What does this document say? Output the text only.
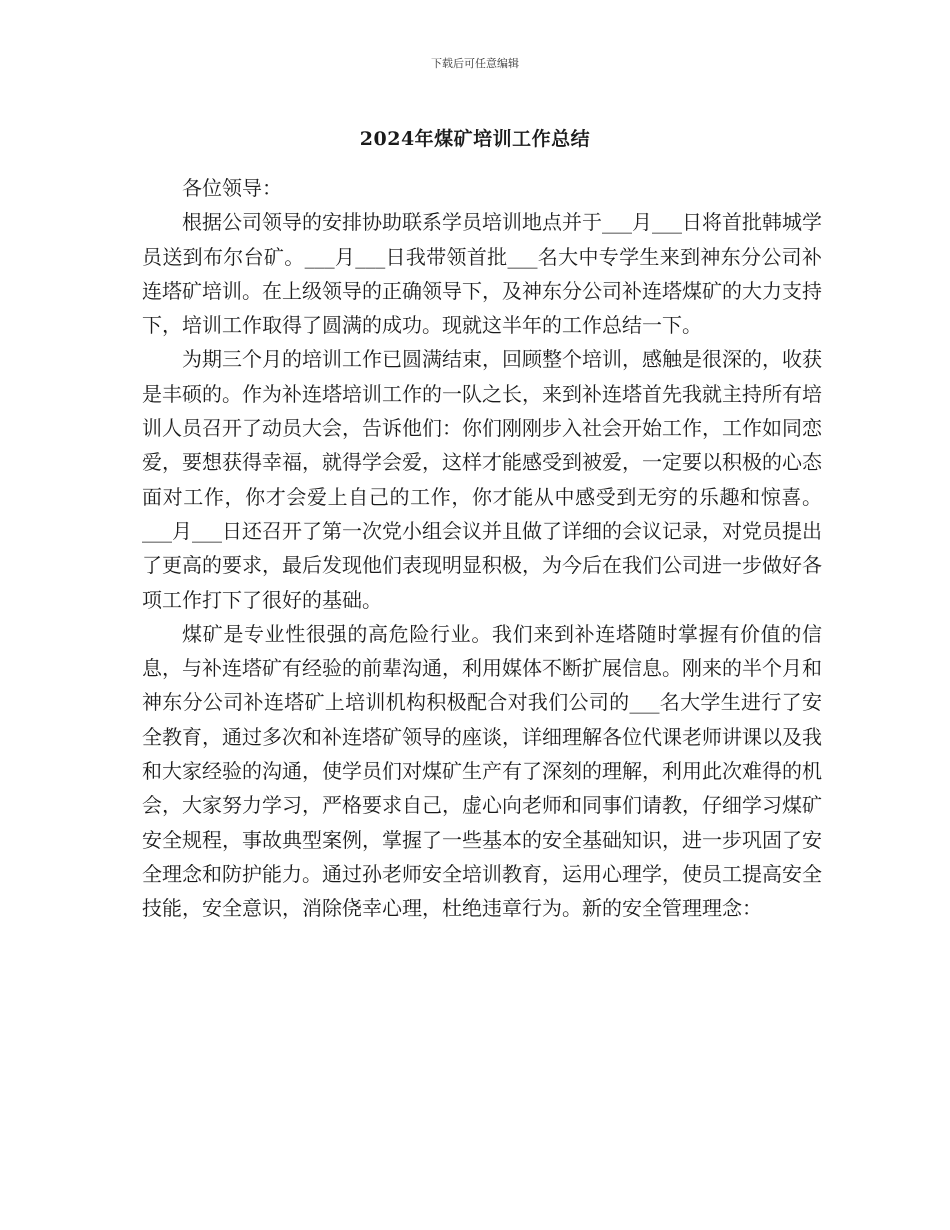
下载后可任意编辑
2024年煤矿培训工作总结

各位领导：

根据公司领导的安排协助联系学员培训地点并于___月___日将首批韩城学员送到布尔台矿。___月___日我带领首批___名大中专学生来到神东分公司补连塔矿培训。在上级领导的正确领导下，及神东分公司补连塔煤矿的大力支持下，培训工作取得了圆满的成功。现就这半年的工作总结一下。

为期三个月的培训工作已圆满结束，回顾整个培训，感触是很深的，收获是丰硕的。作为补连塔培训工作的一队之长，来到补连塔首先我就主持所有培训人员召开了动员大会，告诉他们：你们刚刚步入社会开始工作，工作如同恋爱，要想获得幸福，就得学会爱，这样才能感受到被爱，一定要以积极的心态面对工作，你才会爱上自己的工作，你才能从中感受到无穷的乐趣和惊喜。___月___日还召开了第一次党小组会议并且做了详细的会议记录，对党员提出了更高的要求，最后发现他们表现明显积极，为今后在我们公司进一步做好各项工作打下了很好的基础。

煤矿是专业性很强的高危险行业。我们来到补连塔随时掌握有价值的信息，与补连塔矿有经验的前辈沟通，利用媒体不断扩展信息。刚来的半个月和神东分公司补连塔矿上培训机构积极配合对我们公司的___名大学生进行了安全教育，通过多次和补连塔矿领导的座谈，详细理解各位代课老师讲课以及我和大家经验的沟通，使学员们对煤矿生产有了深刻的理解，利用此次难得的机会，大家努力学习，严格要求自己，虚心向老师和同事们请教，仔细学习煤矿安全规程，事故典型案例，掌握了一些基本的安全基础知识，进一步巩固了安全理念和防护能力。通过孙老师安全培训教育，运用心理学，使员工提高安全技能，安全意识，消除侥幸心理，杜绝违章行为。新的安全管理理念：
